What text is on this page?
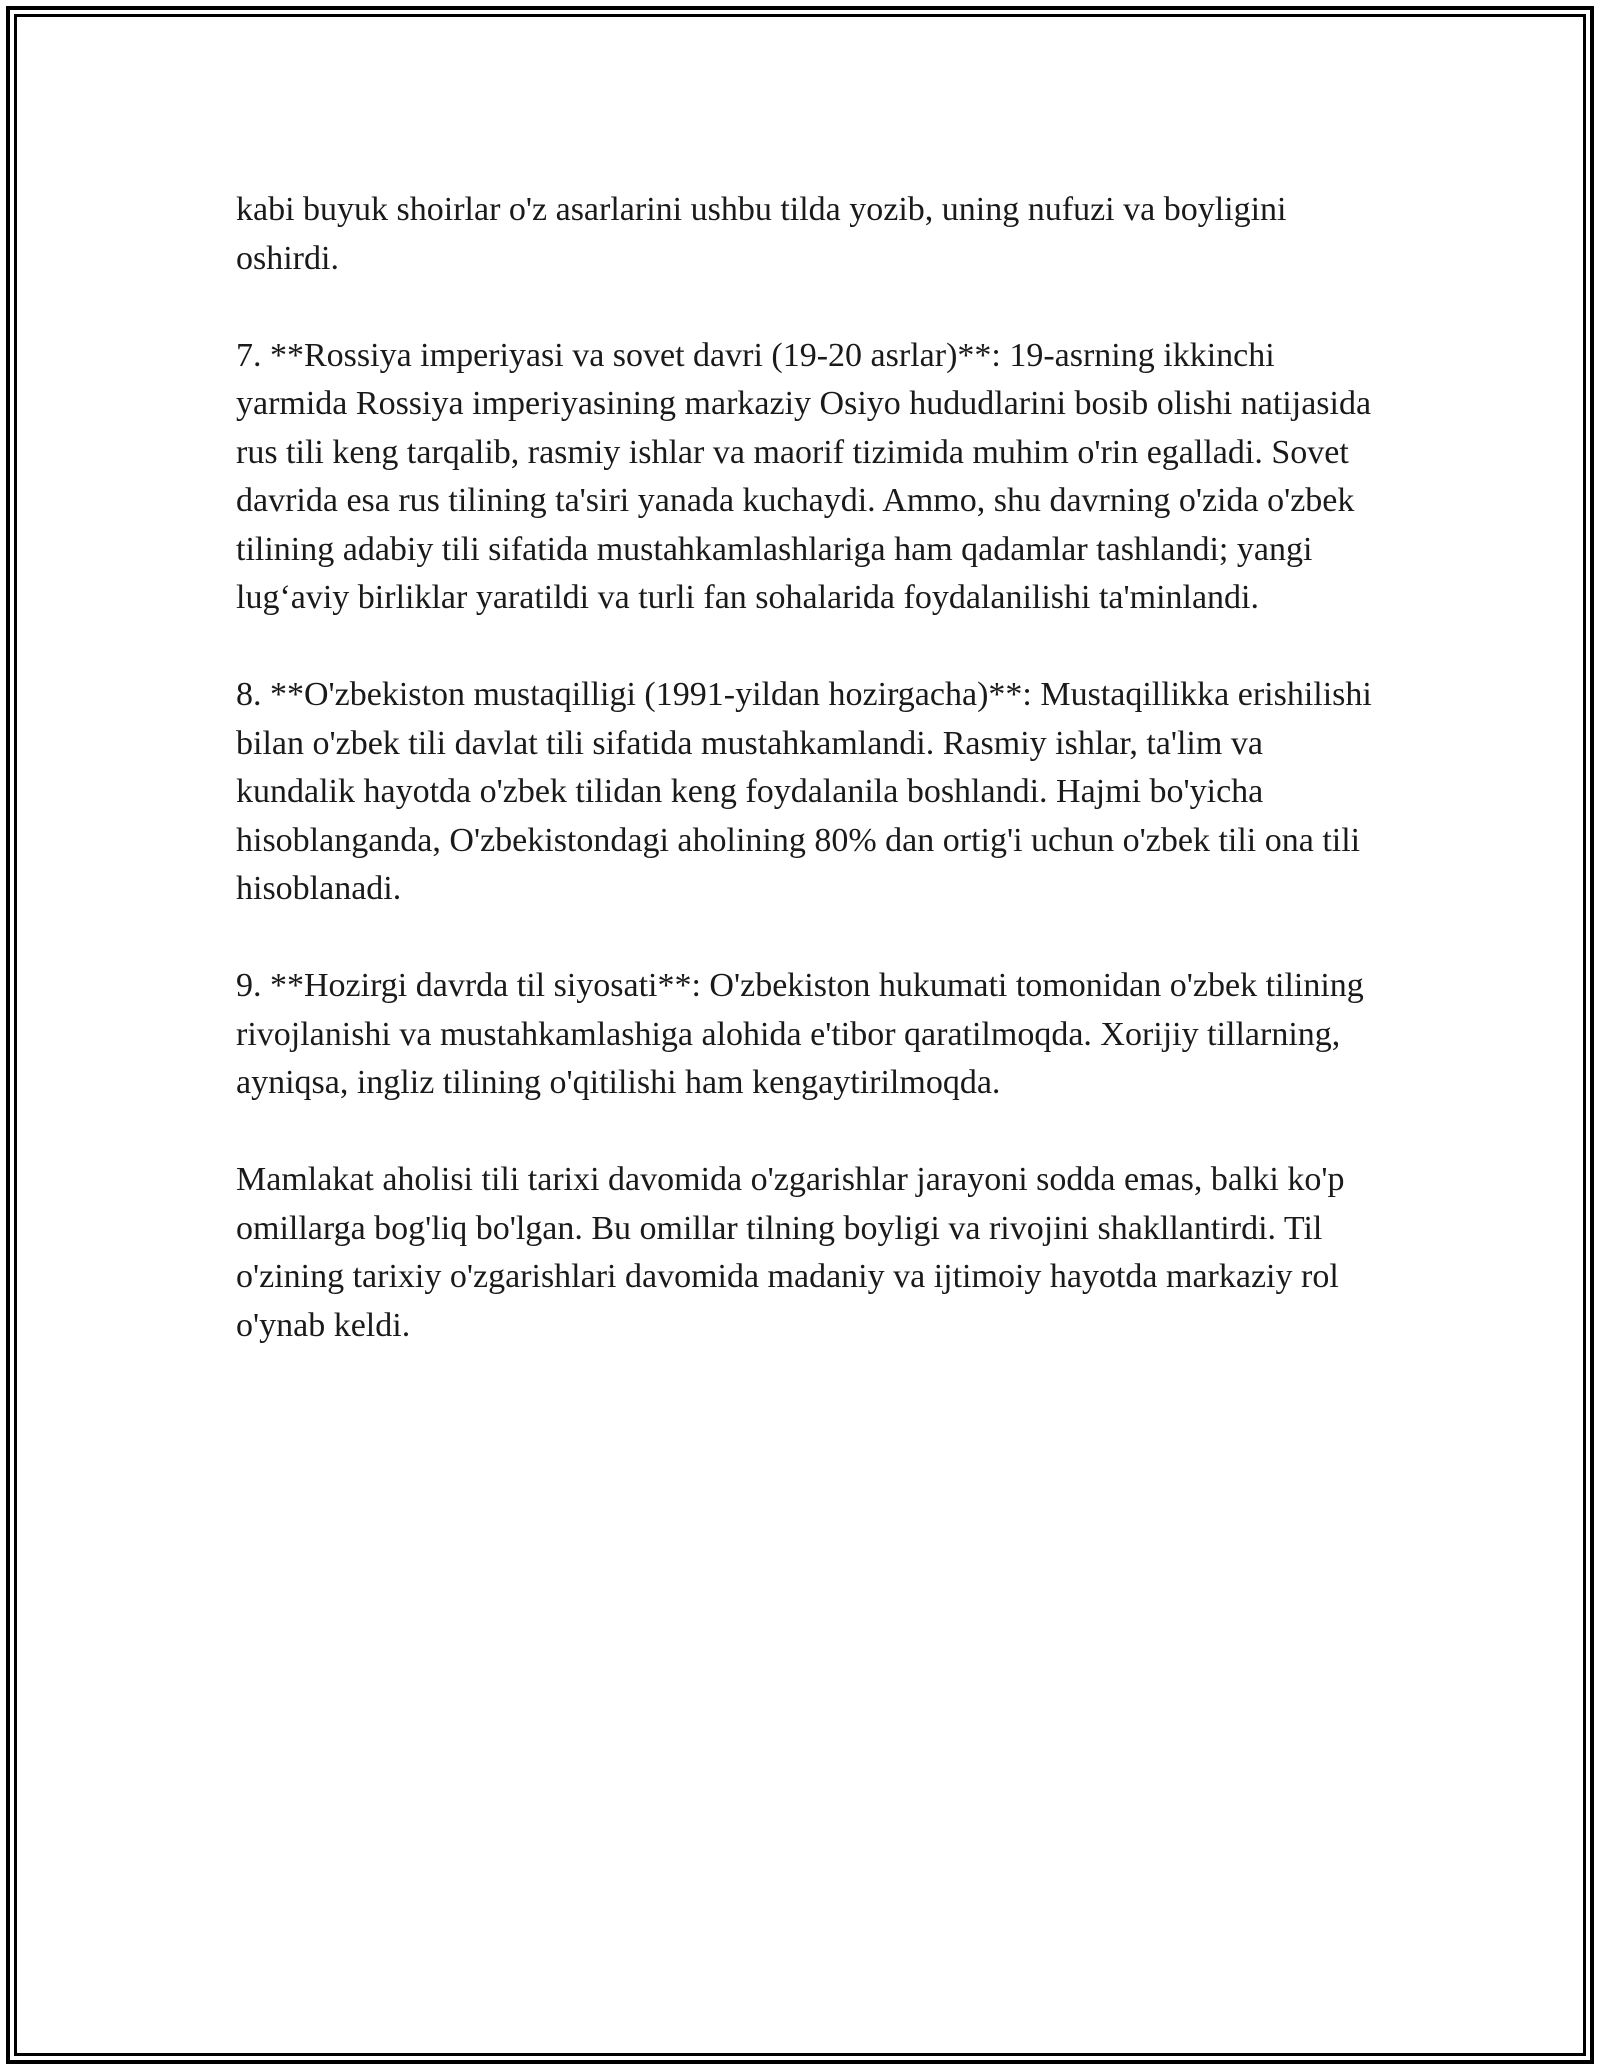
kabi buyuk shoirlar o'z asarlarini ushbu tilda yozib, uning nufuzi va boyligini oshirdi.

7. **Rossiya imperiyasi va sovet davri (19-20 asrlar)**: 19-asrning ikkinchi yarmida Rossiya imperiyasining markaziy Osiyo hududlarini bosib olishi natijasida rus tili keng tarqalib, rasmiy ishlar va maorif tizimida muhim o'rin egalladi. Sovet davrida esa rus tilining ta'siri yanada kuchaydi. Ammo, shu davrning o'zida o'zbek tilining adabiy tili sifatida mustahkamlashlariga ham qadamlar tashlandi; yangi lug‘aviy birliklar yaratildi va turli fan sohalarida foydalanilishi ta'minlandi.

8. **O'zbekiston mustaqilligi (1991-yildan hozirgacha)**: Mustaqillikka erishilishi bilan o'zbek tili davlat tili sifatida mustahkamlandi. Rasmiy ishlar, ta'lim va kundalik hayotda o'zbek tilidan keng foydalanila boshlandi. Hajmi bo'yicha hisoblanganda, O'zbekistondagi aholining 80% dan ortig'i uchun o'zbek tili ona tili hisoblanadi.

9. **Hozirgi davrda til siyosati**: O'zbekiston hukumati tomonidan o'zbek tilining rivojlanishi va mustahkamlashiga alohida e'tibor qaratilmoqda. Xorijiy tillarning, ayniqsa, ingliz tilining o'qitilishi ham kengaytirilmoqda.

Mamlakat aholisi tili tarixi davomida o'zgarishlar jarayoni sodda emas, balki ko'p omillarga bog'liq bo'lgan. Bu omillar tilning boyligi va rivojini shakllantirdi. Til o'zining tarixiy o'zgarishlari davomida madaniy va ijtimoiy hayotda markaziy rol o'ynab keldi.
